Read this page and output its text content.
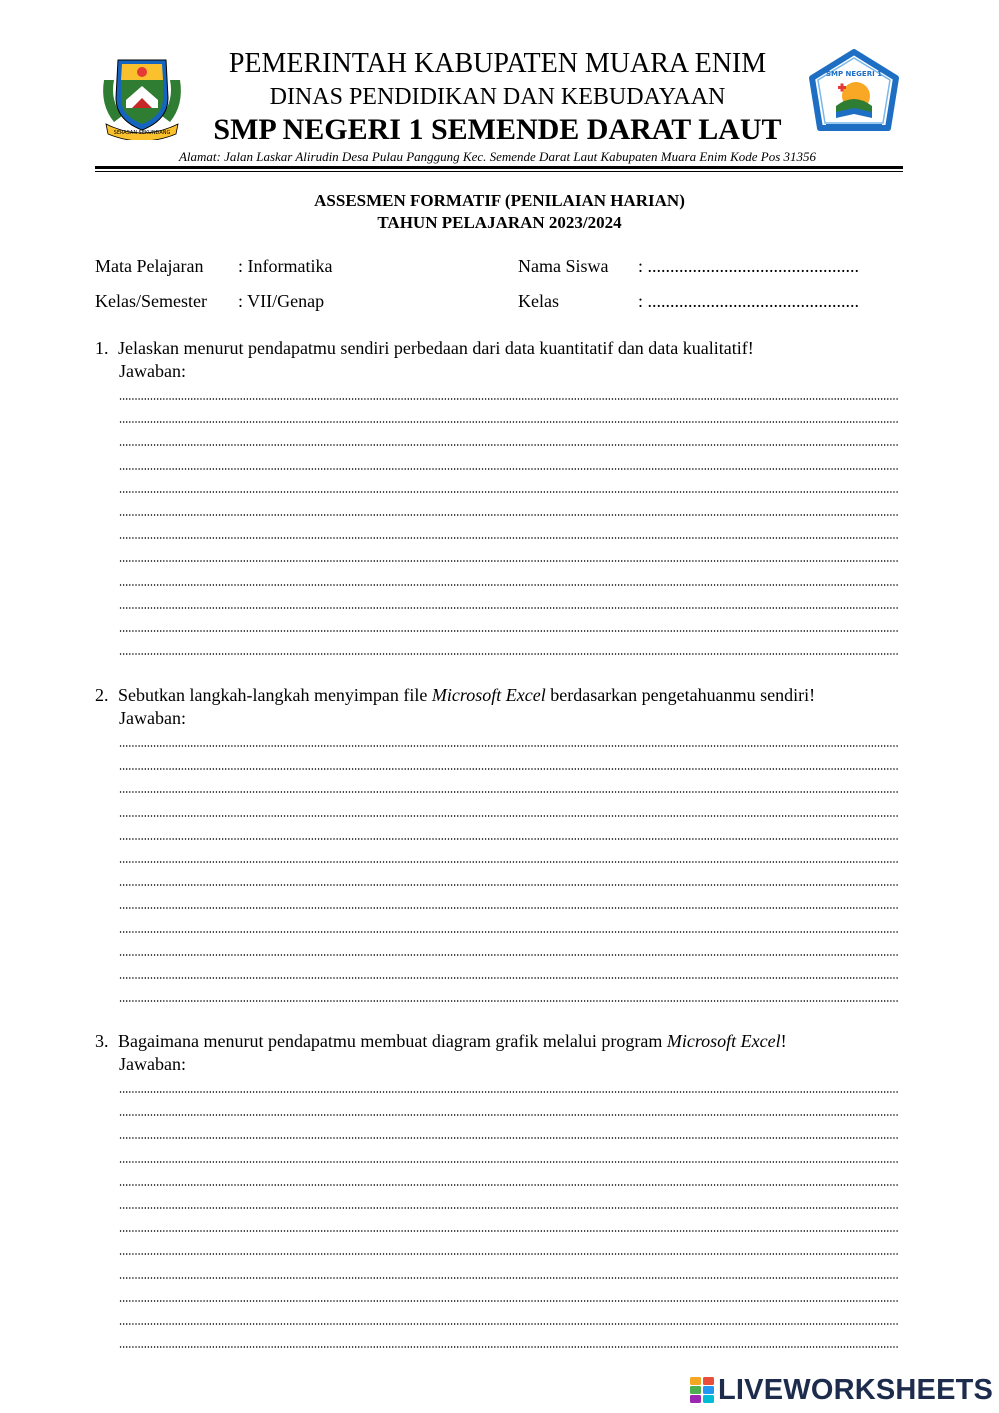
SERASAN SEKUNDANG
SMP NEGERI 1
PEMERINTAH KABUPATEN MUARA ENIM
DINAS PENDIDIKAN DAN KEBUDAYAAN
SMP NEGERI 1 SEMENDE DARAT LAUT
Alamat: Jalan Laskar Alirudin Desa Pulau Panggung Kec. Semende Darat Laut Kabupaten Muara Enim Kode Pos 31356
ASSESMEN FORMATIF (PENILAIAN HARIAN)
TAHUN PELAJARAN 2023/2024
Mata Pelajaran : Informatika	Nama Siswa : ...............................................
Kelas/Semester : VII/Genap	Kelas	: ...............................................
1. Jelaskan menurut pendapatmu sendiri perbedaan dari data kuantitatif dan data kualitatif!
Jawaban:
2. Sebutkan langkah-langkah menyimpan file Microsoft Excel berdasarkan pengetahuanmu sendiri!
Jawaban:
3. Bagaimana menurut pendapatmu membuat diagram grafik melalui program Microsoft Excel!
Jawaban:
LIVEWORKSHEETS
